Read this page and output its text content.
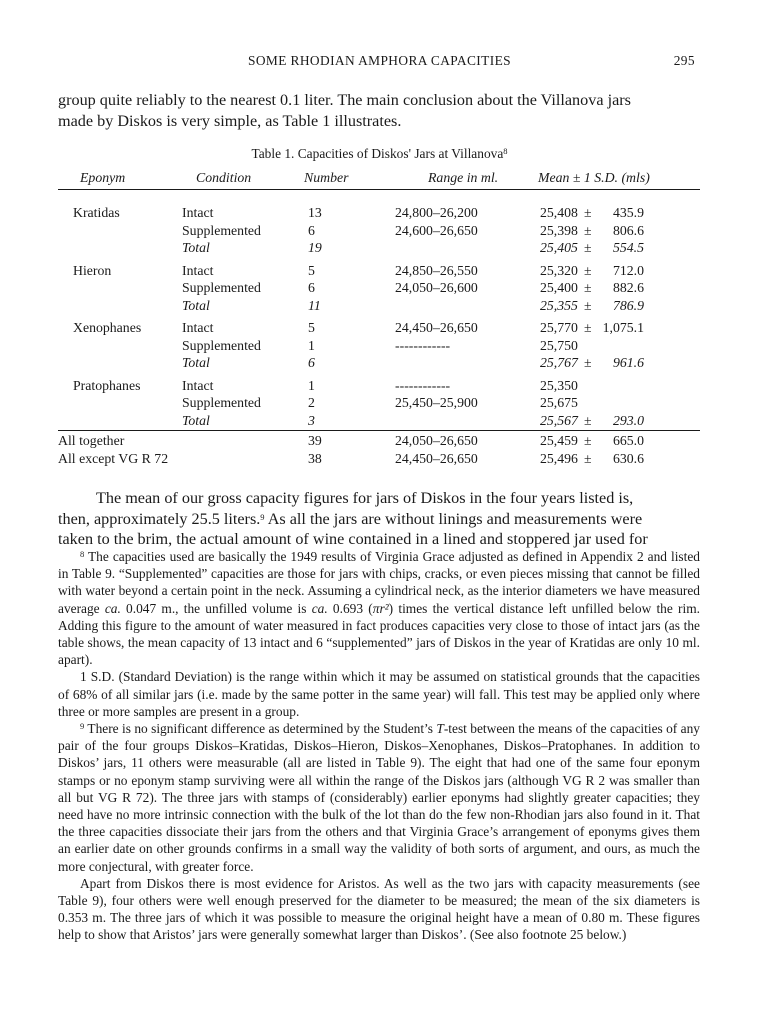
SOME RHODIAN AMPHORA CAPACITIES	295
group quite reliably to the nearest 0.1 liter. The main conclusion about the Villanova jars
made by Diskos is very simple, as Table 1 illustrates.
Table 1. Capacities of Diskos' Jars at Villanova$^8$
Eponym	Condition	Number	Range in ml.	Mean ± 1 S.D. (mls)
Kratidas	Intact	13	24,800–26,200	25,408 ±	435.9
Supplemented	6	24,600–26,650	25,398 ±	806.6
Total	19	25,405 ±	554.5
Hieron	Intact	5	24,850–26,550	25,320 ±	712.0
Supplemented	6	24,050–26,600	25,400 ±	882.6
Total	11	25,355 ±	786.9
Xenophanes	Intact	5	24,450–26,650	25,770 ± 1,075.1
Supplemented	1	------------	25,750
Total	6	25,767 ±	961.6
Pratophanes	Intact	1	------------	25,350
Supplemented	2	25,450–25,900	25,675
Total	3	25,567 ±	293.0
All together	39	24,050–26,650	25,459 ±	665.0
All except VG R 72	38	24,450–26,650	25,496 ±	630.6
The mean of our gross capacity figures for jars of Diskos in the four years listed is,
then, approximately 25.5 liters.$^9$ As all the jars are without linings and measurements were
taken to the brim, the actual amount of wine contained in a lined and stoppered jar used for

$^8$ The capacities used are basically the 1949 results of Virginia Grace adjusted as defined in Appendix 2 and listed in Table 9. “Supplemented” capacities are those for jars with chips, cracks, or even pieces missing that cannot be filled with water beyond a certain point in the neck. Assuming a cylindrical neck, as the interior diameters we have measured average ca. 0.047 m., the unfilled volume is ca. 0.693 (πr²) times the vertical distance left unfilled below the rim. Adding this figure to the amount of water measured in fact produces capacities very close to those of intact jars (as the table shows, the mean capacity of 13 intact and 6 “supplemented” jars of Diskos in the year of Kratidas are only 10 ml. apart).

1 S.D. (Standard Deviation) is the range within which it may be assumed on statistical grounds that the capacities of 68% of all similar jars (i.e. made by the same potter in the same year) will fall. This test may be applied only where three or more samples are present in a group.

$^9$ There is no significant difference as determined by the Student’s T-test between the means of the capacities of any pair of the four groups Diskos–Kratidas, Diskos–Hieron, Diskos–Xenophanes, Diskos–Pratophanes. In addition to Diskos’ jars, 11 others were measurable (all are listed in Table 9). The eight that had one of the same four eponym stamps or no eponym stamp surviving were all within the range of the Diskos jars (although VG R 2 was smaller than all but VG R 72). The three jars with stamps of (considerably) earlier eponyms had slightly greater capacities; they need have no more intrinsic connection with the bulk of the lot than do the few non-Rhodian jars also found in it. That the three capacities dissociate their jars from the others and that Virginia Grace’s arrangement of eponyms gives them an earlier date on other grounds confirms in a small way the validity of both sorts of argument, and ours, as much the more conjectural, with greater force.

Apart from Diskos there is most evidence for Aristos. As well as the two jars with capacity measurements (see Table 9), four others were well enough preserved for the diameter to be measured; the mean of the six diameters is 0.353 m. The three jars of which it was possible to measure the original height have a mean of 0.80 m. These figures help to show that Aristos’ jars were generally somewhat larger than Diskos’. (See also footnote 25 below.)
